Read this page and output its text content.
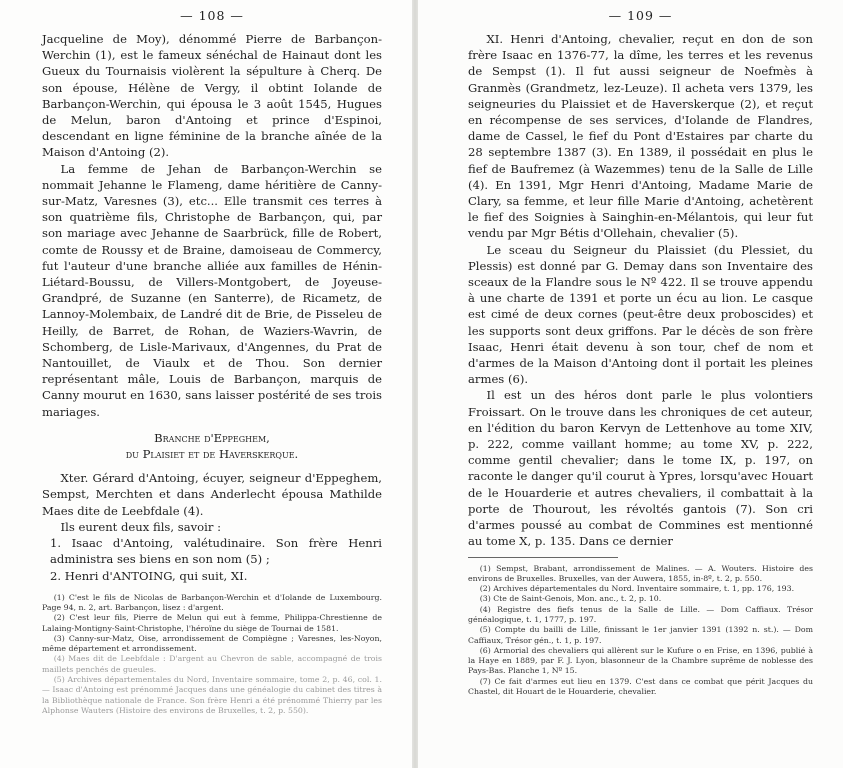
— 108 —

Jacqueline de Moy), dénommé Pierre de Barbançon-Werchin (1), est le fameux sénéchal de Hainaut dont les Gueux du Tournaisis violèrent la sépulture à Cherq. De son épouse, Hélène de Vergy, il obtint Iolande de Barbançon-Werchin, qui épousa le 3 août 1545, Hugues de Melun, baron d'Antoing et prince d'Espinoi, descendant en ligne féminine de la branche aînée de la Maison d'Antoing (2).

La femme de Jehan de Barbançon-Werchin se nommait Jehanne le Flameng, dame héritière de Canny-sur-Matz, Varesnes (3), etc... Elle transmit ces terres à son quatrième fils, Christophe de Barbançon, qui, par son mariage avec Jehanne de Saarbrück, fille de Robert, comte de Roussy et de Braine, damoiseau de Commercy, fut l'auteur d'une branche alliée aux familles de Hénin-Liétard-Boussu, de Villers-Montgobert, de Joyeuse-Grandpré, de Suzanne (en Santerre), de Ricametz, de Lannoy-Molembaix, de Landré dit de Brie, de Pisseleu de Heilly, de Barret, de Rohan, de Waziers-Wavrin, de Schomberg, de Lisle-Marivaux, d'Angennes, du Prat de Nantouillet, de Viaulx et de Thou. Son dernier représentant mâle, Louis de Barbançon, marquis de Canny mourut en 1630, sans laisser postérité de ses trois mariages.

Branche d'Eppeghem,

du Plaisiet et de Haverskerque.

Xter. Gérard d'Antoing, écuyer, seigneur d'Eppeghem, Sempst, Merchten et dans Anderlecht épousa Mathilde Maes dite de Leebfdale (4).

Ils eurent deux fils, savoir :

1. Isaac d'Antoing, valétudinaire. Son frère Henri administra ses biens en son nom (5) ;

2. Henri d'ANTOING, qui suit, XI.

(1) C'est le fils de Nicolas de Barbançon-Werchin et d'Iolande de Luxembourg. Page 94, n. 2, art. Barbançon, lisez : d'argent.

(2) C'est leur fils, Pierre de Melun qui eut à femme, Philippa-Chrestienne de Lalaing-Montigny-Saint-Christophe, l'héroïne du siège de Tournai de 1581.

(3) Canny-sur-Matz, Oise, arrondissement de Compiègne ; Varesnes, les-Noyon, même département et arrondissement.

(4) Maes dit de Leebfdale : D'argent au Chevron de sable, accompagné de trois maillets penchés de gueules.

(5) Archives départementales du Nord, Inventaire sommaire, tome 2, p. 46, col. 1. — Isaac d'Antoing est prénommé Jacques dans une généalogie du cabinet des titres à la Bibliothèque nationale de France. Son frère Henri a été prénommé Thierry par les Alphonse Wauters (Histoire des environs de Bruxelles, t. 2, p. 550).

— 109 —

XI. Henri d'Antoing, chevalier, reçut en don de son frère Isaac en 1376-77, la dîme, les terres et les revenus de Sempst (1). Il fut aussi seigneur de Noefmès à Granmès (Grandmetz, lez-Leuze). Il acheta vers 1379, les seigneuries du Plaissiet et de Haverskerque (2), et reçut en récompense de ses services, d'Iolande de Flandres, dame de Cassel, le fief du Pont d'Estaires par charte du 28 septembre 1387 (3). En 1389, il possédait en plus le fief de Baufremez (à Wazemmes) tenu de la Salle de Lille (4). En 1391, Mgr Henri d'Antoing, Madame Marie de Clary, sa femme, et leur fille Marie d'Antoing, achetèrent le fief des Soignies à Sainghin-en-Mélantois, qui leur fut vendu par Mgr Bétis d'Ollehain, chevalier (5).

Le sceau du Seigneur du Plaissiet (du Plessiet, du Plessis) est donné par G. Demay dans son Inventaire des sceaux de la Flandre sous le Nº 422. Il se trouve appendu à une charte de 1391 et porte un écu au lion. Le casque est cimé de deux cornes (peut-être deux proboscides) et les supports sont deux griffons. Par le décès de son frère Isaac, Henri était devenu à son tour, chef de nom et d'armes de la Maison d'Antoing dont il portait les pleines armes (6).

Il est un des héros dont parle le plus volontiers Froissart. On le trouve dans les chroniques de cet auteur, en l'édition du baron Kervyn de Lettenhove au tome XIV, p. 222, comme vaillant homme; au tome XV, p. 222, comme gentil chevalier; dans le tome IX, p. 197, on raconte le danger qu'il courut à Ypres, lorsqu'avec Houart de le Houarderie et autres chevaliers, il combattait à la porte de Thourout, les révoltés gantois (7). Son cri d'armes poussé au combat de Commines est mentionné au tome X, p. 135. Dans ce dernier

(1) Sempst, Brabant, arrondissement de Malines. — A. Wouters. Histoire des environs de Bruxelles. Bruxelles, van der Auwera, 1855, in-8º, t. 2, p. 550.

(2) Archives départementales du Nord. Inventaire sommaire, t. 1, pp. 176, 193.

(3) Cte de Saint-Genois, Mon. anc., t. 2, p. 10.

(4) Registre des fiefs tenus de la Salle de Lille. — Dom Caffiaux. Trésor généalogique, t. 1, 1777, p. 197.

(5) Compte du bailli de Lille, finissant le 1er janvier 1391 (1392 n. st.). — Dom Caffiaux, Trésor gén., t. 1, p. 197.

(6) Armorial des chevaliers qui allèrent sur le Kufure o en Frise, en 1396, publié à la Haye en 1889, par F. J. Lyon, blasonneur de la Chambre suprême de noblesse des Pays-Bas. Planche 1, Nº 15.

(7) Ce fait d'armes eut lieu en 1379. C'est dans ce combat que périt Jacques du Chastel, dit Houart de le Houarderie, chevalier.
